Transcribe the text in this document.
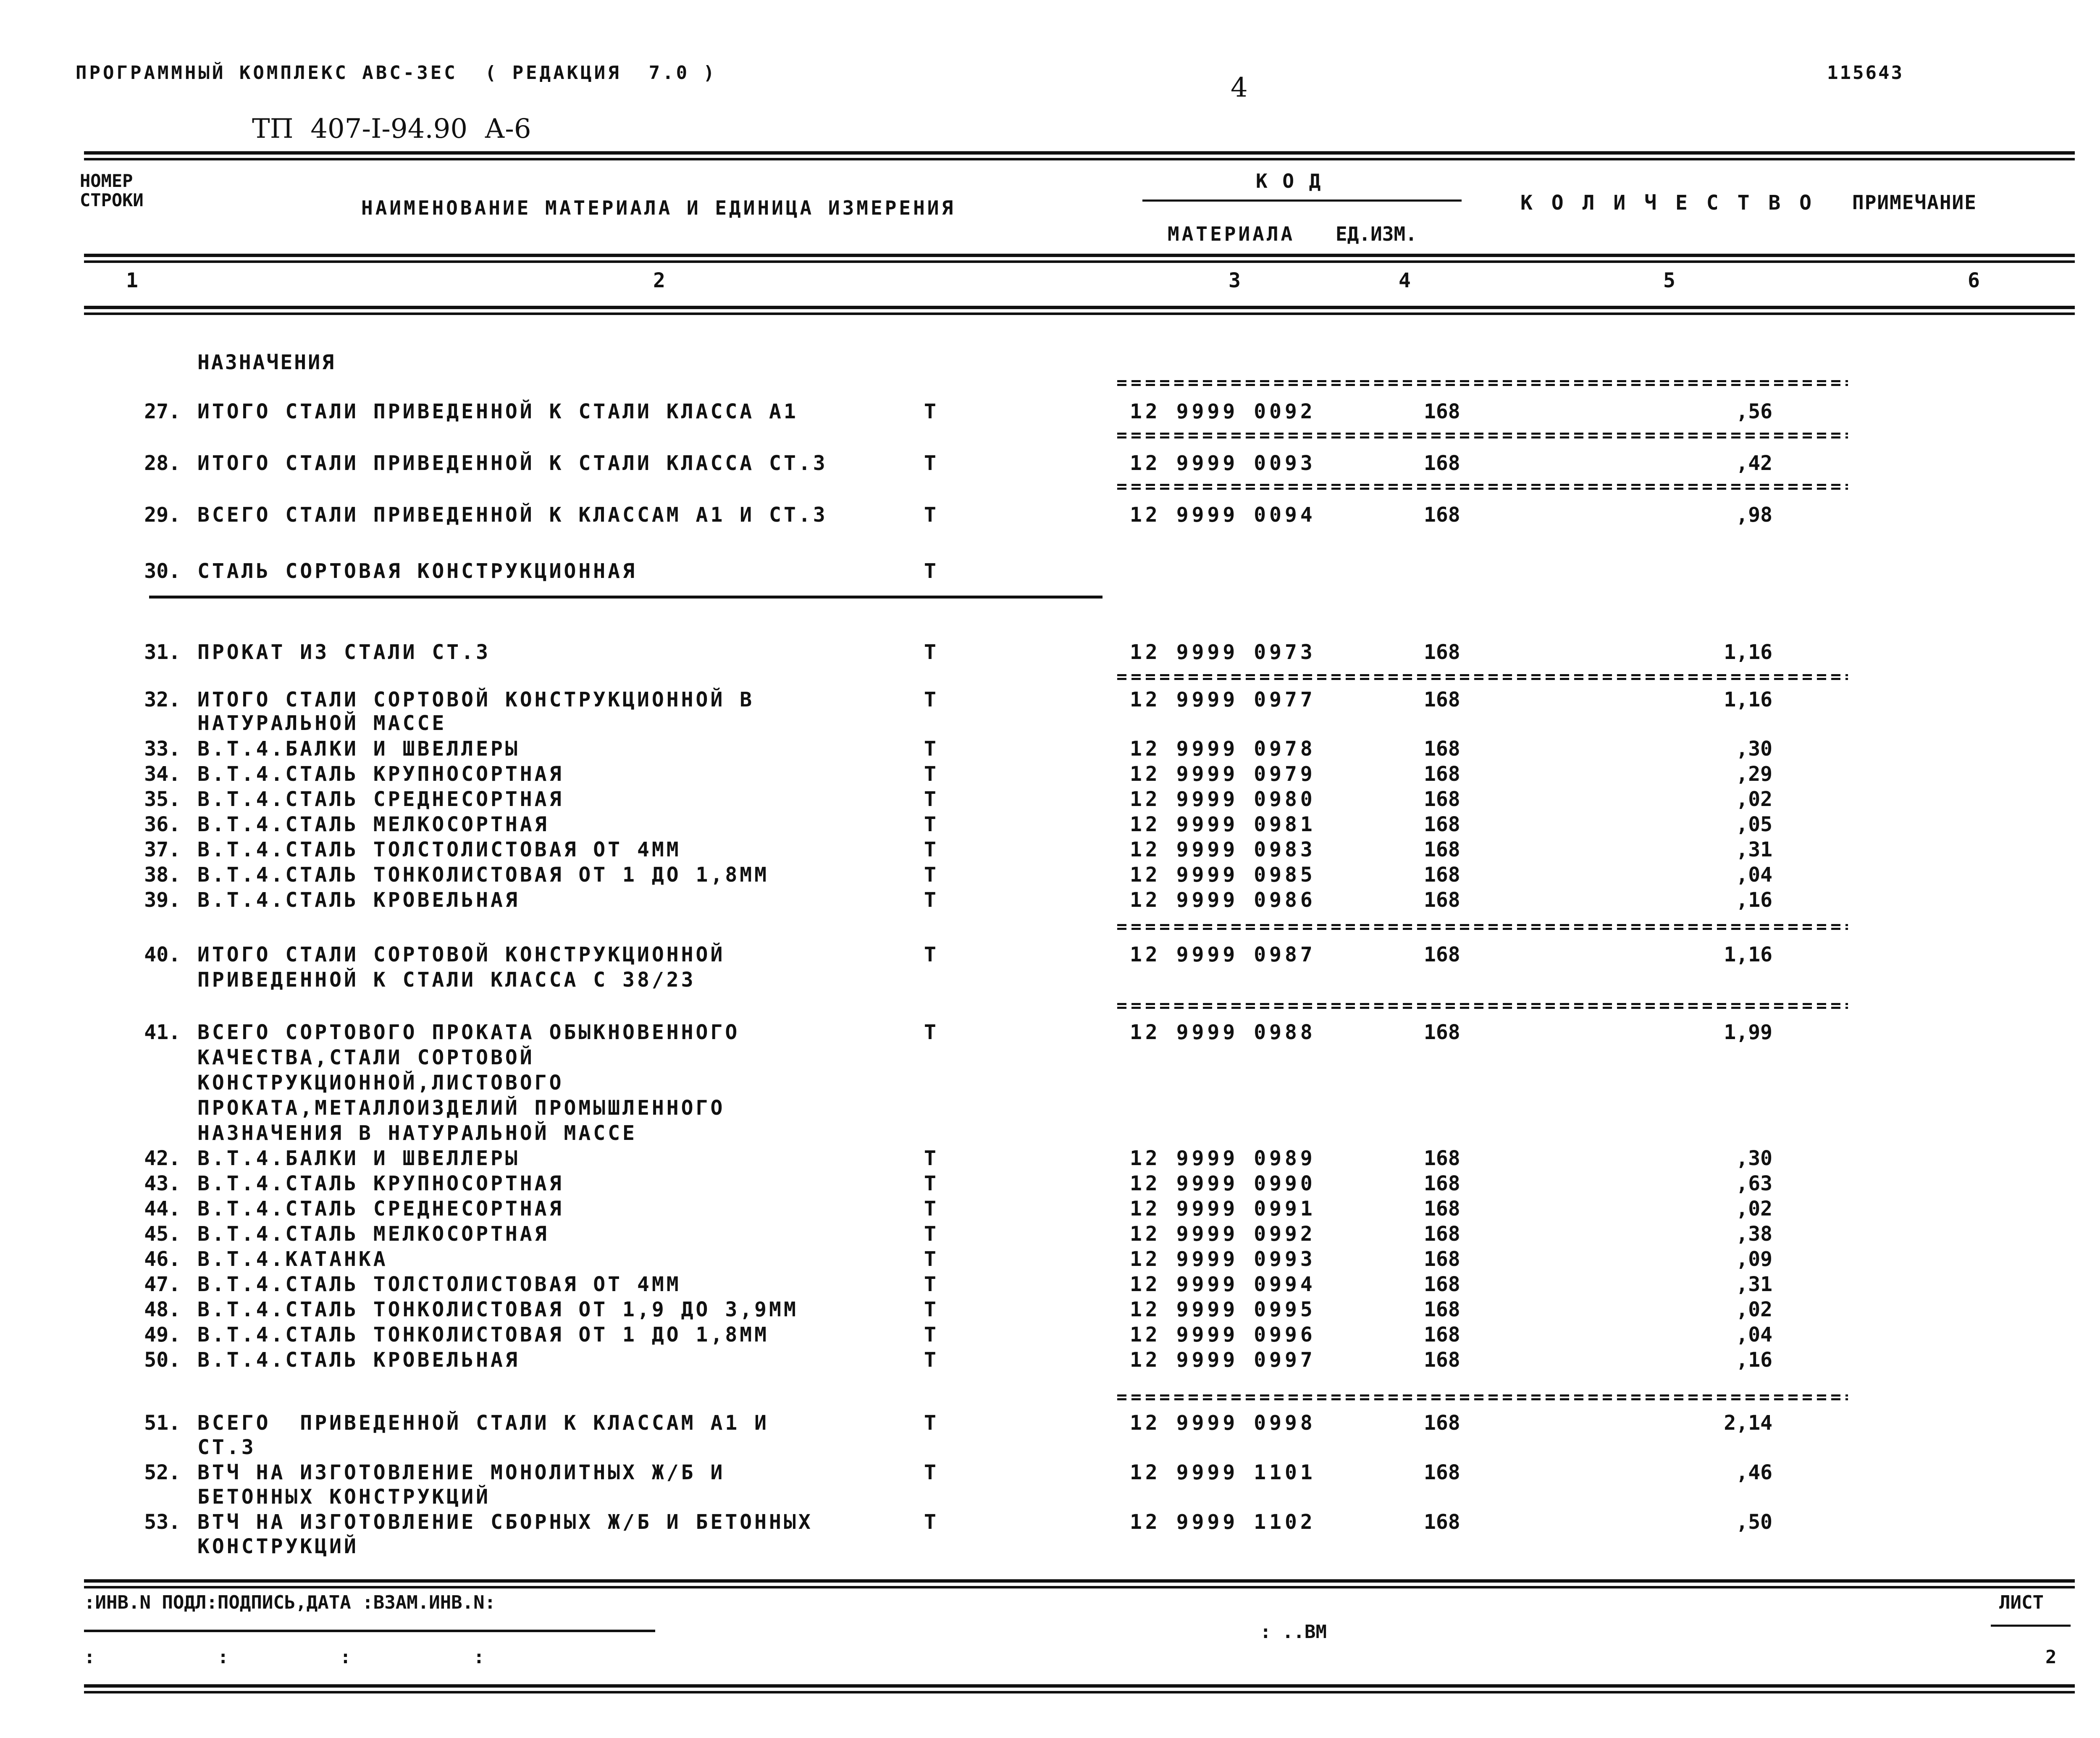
ПРОГРАММНЫЙ КОМПЛЕКС АВС-ЗЕС  ( РЕДАКЦИЯ  7.0 )	4	115643
ТП  407-I-94.90  А-6
НОМЕР
СТРОКИ	НАИМЕНОВАНИЕ МАТЕРИАЛА И ЕДИНИЦА ИЗМЕРЕНИЯ
К О Д
МАТЕРИАЛА ЕД.ИЗМ.
К О Л И Ч Е С Т В О ПРИМЕЧАНИЕ
1	2	3	4	5	6
НАЗНАЧЕНИЯ
27. ИТОГО СТАЛИ ПРИВЕДЕННОЙ К СТАЛИ КЛАССА А1	Т	12 9999 0092	168	,56
28. ИТОГО СТАЛИ ПРИВЕДЕННОЙ К СТАЛИ КЛАССА СТ.3	Т	12 9999 0093	168	,42
29. ВСЕГО СТАЛИ ПРИВЕДЕННОЙ К КЛАССАМ А1 И СТ.3	Т	12 9999 0094	168	,98
30. СТАЛЬ СОРТОВАЯ КОНСТРУКЦИОННАЯ	Т
31. ПРОКАТ ИЗ СТАЛИ СТ.3	Т	12 9999 0973	168	1,16
32. ИТОГО СТАЛИ СОРТОВОЙ КОНСТРУКЦИОННОЙ В	Т	12 9999 0977	168	1,16
НАТУРАЛЬНОЙ МАССЕ
33. В.Т.4.БАЛКИ И ШВЕЛЛЕРЫ	Т	12 9999 0978	168	,30
34. В.Т.4.СТАЛЬ КРУПНОСОРТНАЯ	Т	12 9999 0979	168	,29
35. В.Т.4.СТАЛЬ СРЕДНЕСОРТНАЯ	Т	12 9999 0980	168	,02
36. В.Т.4.СТАЛЬ МЕЛКОСОРТНАЯ	Т	12 9999 0981	168	,05
37. В.Т.4.СТАЛЬ ТОЛСТОЛИСТОВАЯ ОТ 4ММ	Т	12 9999 0983	168	,31
38. В.Т.4.СТАЛЬ ТОНКОЛИСТОВАЯ ОТ 1 ДО 1,8ММ	Т	12 9999 0985	168	,04
39. В.Т.4.СТАЛЬ КРОВЕЛЬНАЯ	Т	12 9999 0986	168	,16
40. ИТОГО СТАЛИ СОРТОВОЙ КОНСТРУКЦИОННОЙ	Т	12 9999 0987	168	1,16
ПРИВЕДЕННОЙ К СТАЛИ КЛАССА С 38/23
41. ВСЕГО СОРТОВОГО ПРОКАТА ОБЫКНОВЕННОГО	Т	12 9999 0988	168	1,99
КАЧЕСТВА,СТАЛИ СОРТОВОЙ
КОНСТРУКЦИОННОЙ,ЛИСТОВОГО
ПРОКАТА,МЕТАЛЛОИЗДЕЛИЙ ПРОМЫШЛЕННОГО
НАЗНАЧЕНИЯ В НАТУРАЛЬНОЙ МАССЕ
42. В.Т.4.БАЛКИ И ШВЕЛЛЕРЫ	Т	12 9999 0989	168	,30
43. В.Т.4.СТАЛЬ КРУПНОСОРТНАЯ	Т	12 9999 0990	168	,63
44. В.Т.4.СТАЛЬ СРЕДНЕСОРТНАЯ	Т	12 9999 0991	168	,02
45. В.Т.4.СТАЛЬ МЕЛКОСОРТНАЯ	Т	12 9999 0992	168	,38
46. В.Т.4.КАТАНКА	Т	12 9999 0993	168	,09
47. В.Т.4.СТАЛЬ ТОЛСТОЛИСТОВАЯ ОТ 4ММ	Т	12 9999 0994	168	,31
48. В.Т.4.СТАЛЬ ТОНКОЛИСТОВАЯ ОТ 1,9 ДО 3,9ММ	Т	12 9999 0995	168	,02
49. В.Т.4.СТАЛЬ ТОНКОЛИСТОВАЯ ОТ 1 ДО 1,8ММ	Т	12 9999 0996	168	,04
50. В.Т.4.СТАЛЬ КРОВЕЛЬНАЯ	Т	12 9999 0997	168	,16
51. ВСЕГО  ПРИВЕДЕННОЙ СТАЛИ К КЛАССАМ А1 И	Т	12 9999 0998	168	2,14
СТ.3
52. ВТЧ НА ИЗГОТОВЛЕНИЕ МОНОЛИТНЫХ Ж/Б И	Т	12 9999 1101	168	,46
БЕТОННЫХ КОНСТРУКЦИЙ
53. ВТЧ НА ИЗГОТОВЛЕНИЕ СБОРНЫХ Ж/Б И БЕТОННЫХ	Т	12 9999 1102	168	,50
КОНСТРУКЦИЙ
:ИНВ.N ПОДЛ:ПОДПИСЬ,ДАТА :ВЗАМ.ИНВ.N:
:           :          :           :
: ..ВМ
ЛИСТ
2
